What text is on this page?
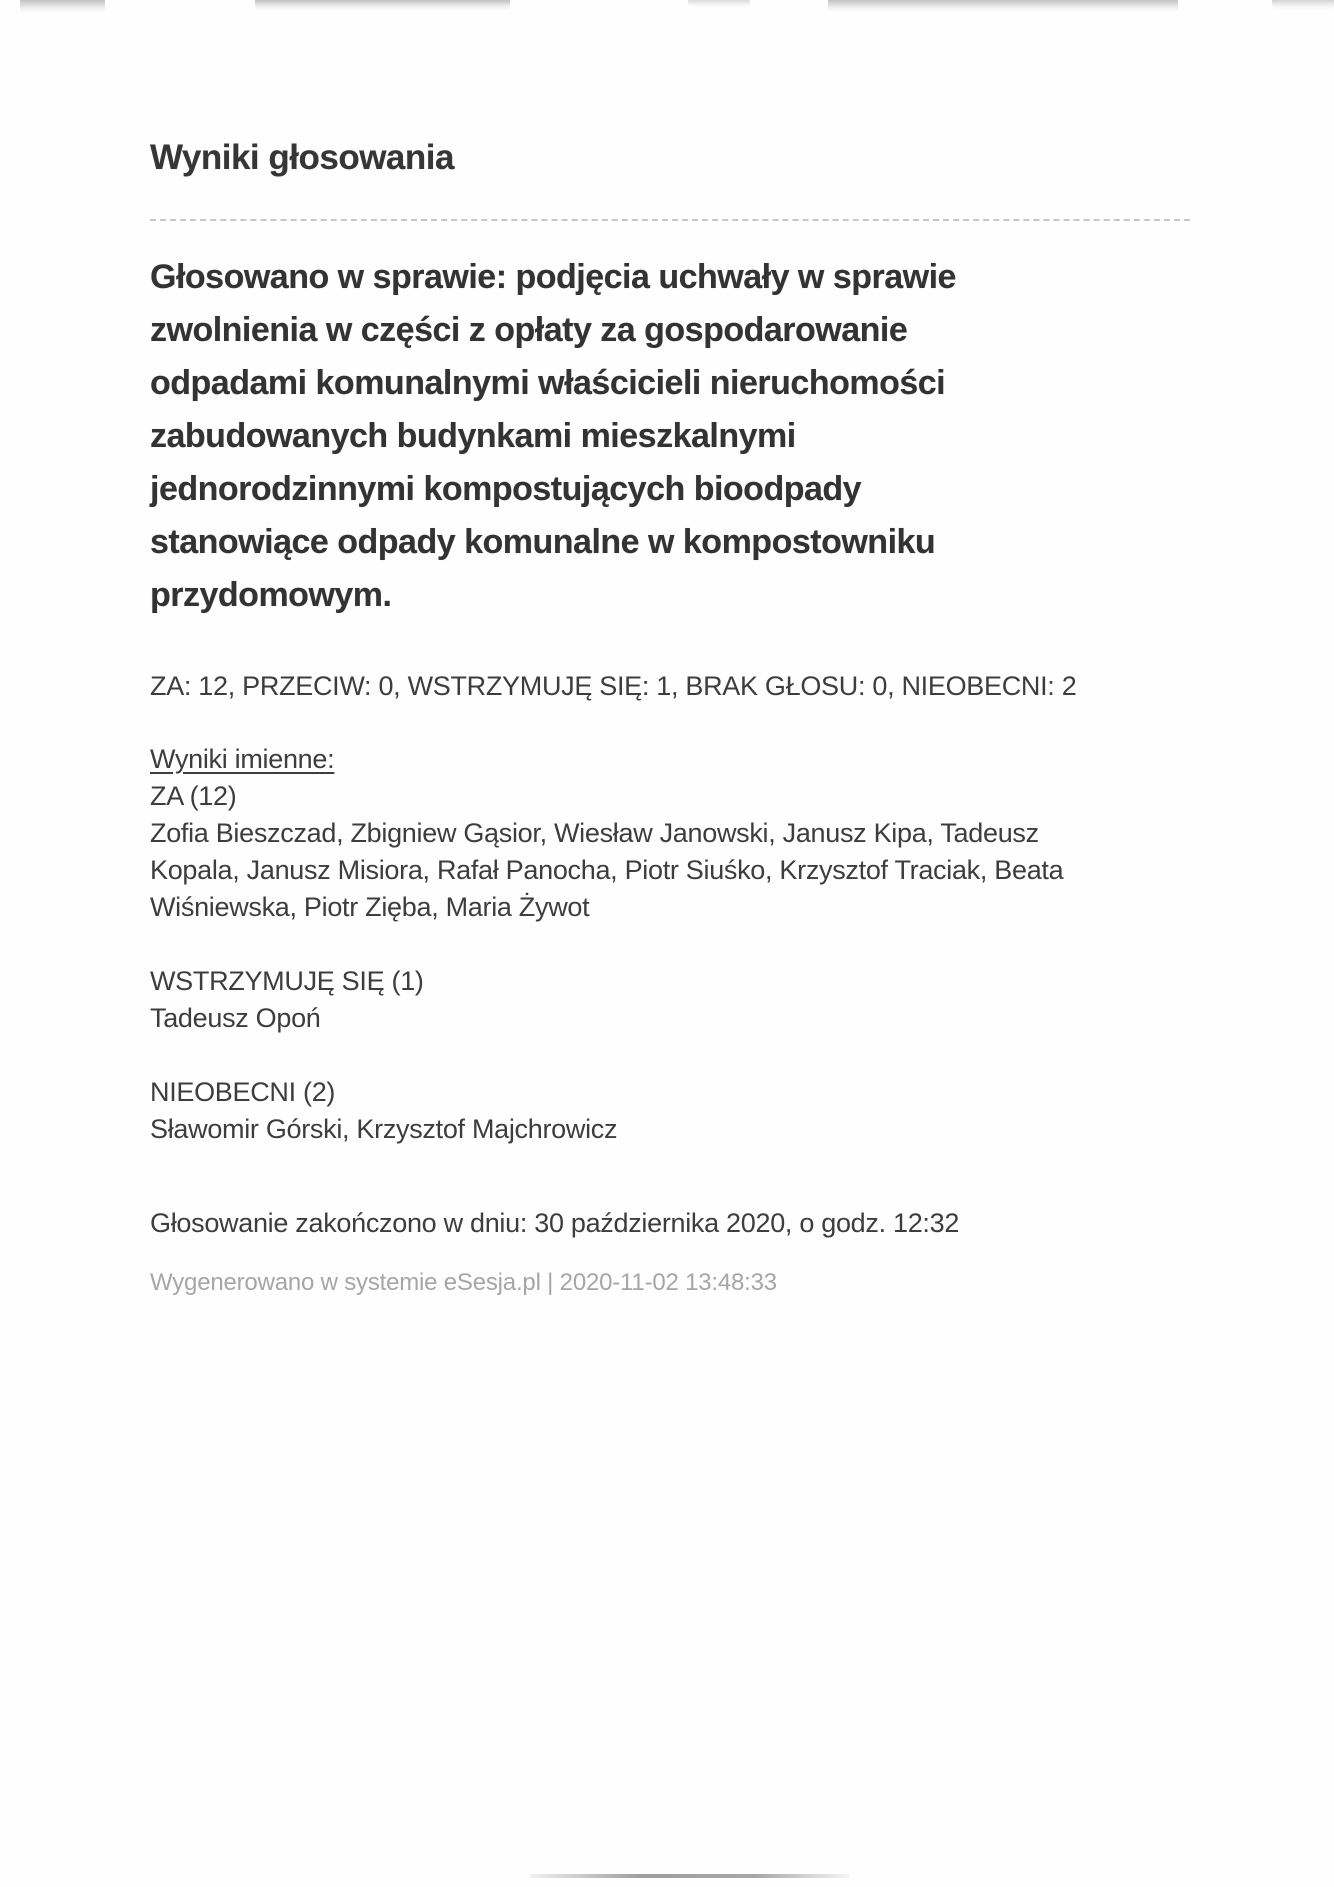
Wyniki głosowania

Głosowano w sprawie: podjęcia uchwały w sprawie zwolnienia w części z opłaty za gospodarowanie odpadami komunalnymi właścicieli nieruchomości zabudowanych budynkami mieszkalnymi jednorodzinnymi kompostujących bioodpady stanowiące odpady komunalne w kompostowniku przydomowym.

ZA: 12, PRZECIW: 0, WSTRZYMUJĘ SIĘ: 1, BRAK GŁOSU: 0, NIEOBECNI: 2

Wyniki imienne:

ZA (12)

Zofia Bieszczad, Zbigniew Gąsior, Wiesław Janowski, Janusz Kipa, Tadeusz Kopala, Janusz Misiora, Rafał Panocha, Piotr Siuśko, Krzysztof Traciak, Beata Wiśniewska, Piotr Zięba, Maria Żywot

WSTRZYMUJĘ SIĘ (1)

Tadeusz Opoń

NIEOBECNI (2)

Sławomir Górski, Krzysztof Majchrowicz

Głosowanie zakończono w dniu: 30 października 2020, o godz. 12:32

Wygenerowano w systemie eSesja.pl | 2020-11-02 13:48:33
